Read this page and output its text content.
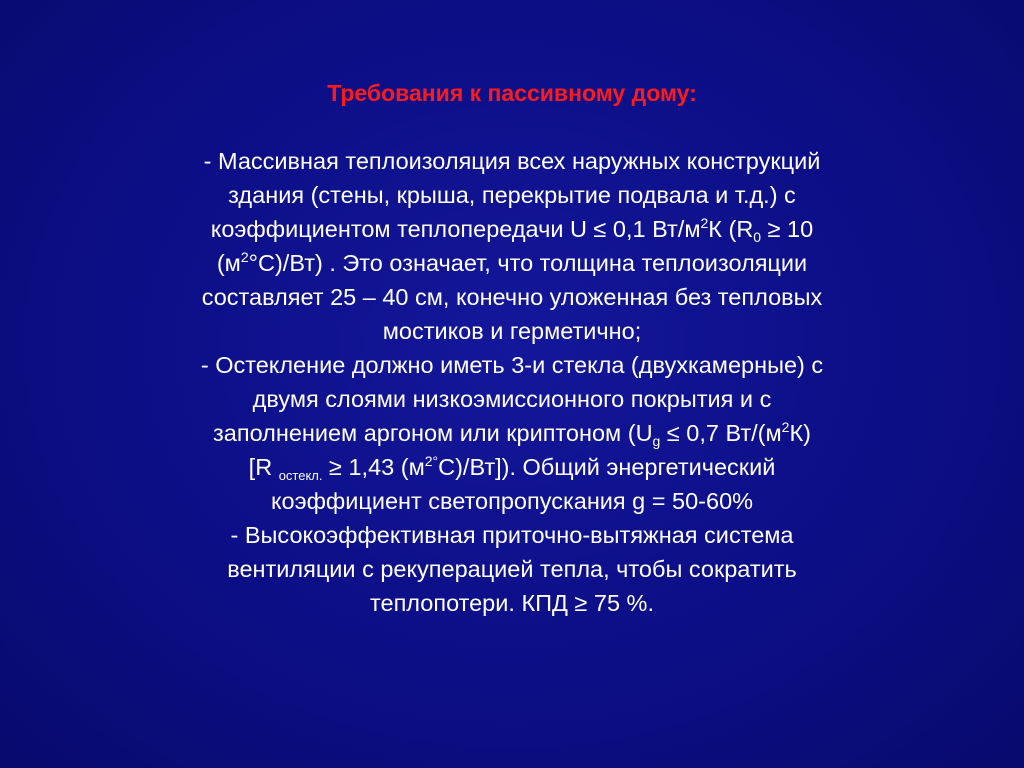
Требования к пассивному дому:
- Массивная теплоизоляция всех наружных конструкций
здания (стены, крыша, перекрытие подвала и т.д.) с
коэффициентом теплопередачи U ≤ 0,1 $Вт/м^2К$ ($R_0 \ge 10$
$(м^2^\circ С)/Вт$) . Это означает, что толщина теплоизоляции
составляет 25 – 40 см, конечно уложенная без тепловых
мостиков и герметично;
- Остекление должно иметь 3-и стекла (двухкамерные) с
двумя слоями низкоэмиссионного покрытия и с
заполнением аргоном или криптоном ($U_g \le 0,7$ $Вт/(м^2К)$
[R $_{остекл.}$ ≥ 1,43 $(м^{2^\circ}С)/Вт$]). Общий энергетический
коэффициент светопропускания g = 50-60%
- Высокоэффективная приточно-вытяжная система
вентиляции с рекуперацией тепла, чтобы сократить
теплопотери. КПД ≥ 75 %.
